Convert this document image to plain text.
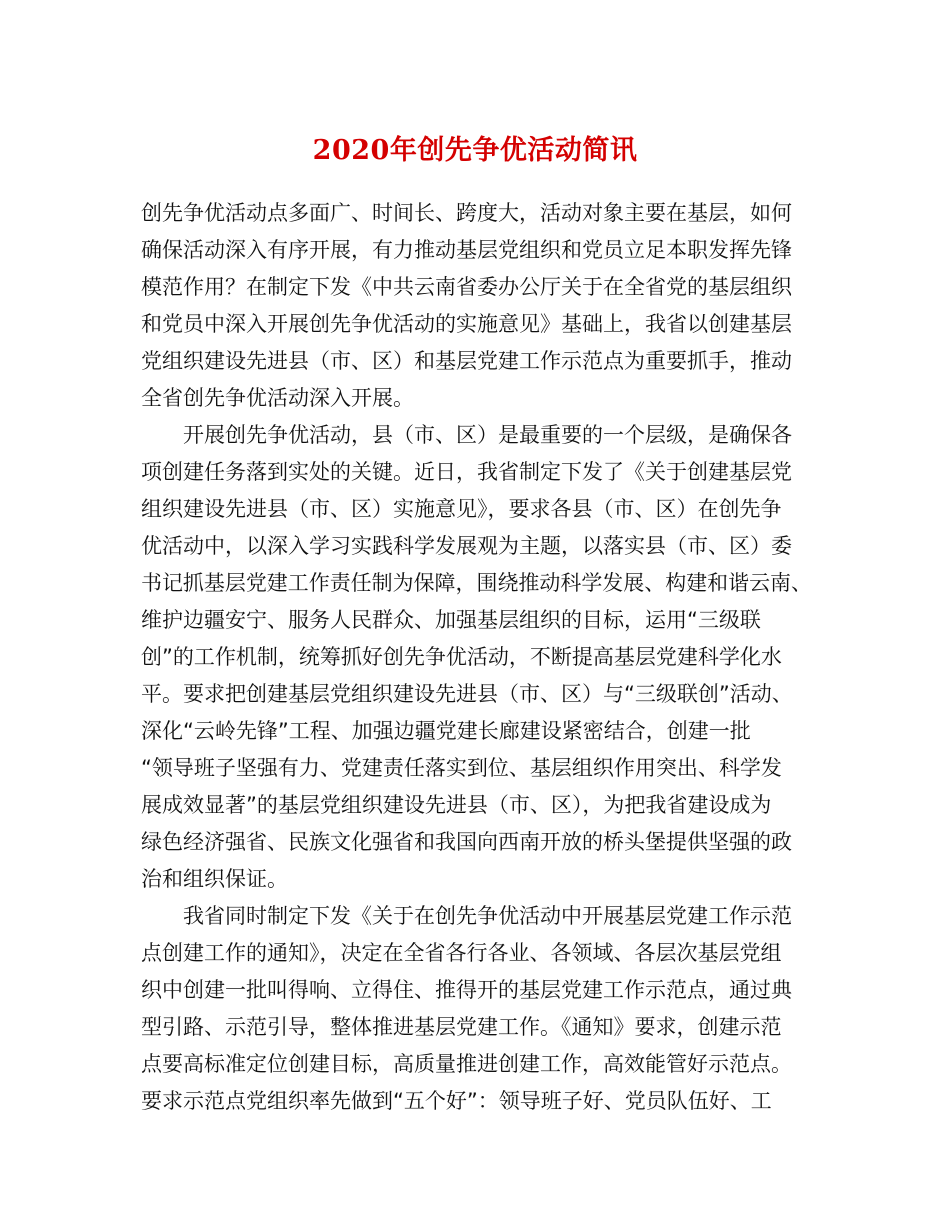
2020年创先争优活动简讯
创先争优活动点多面广、时间长、跨度大，活动对象主要在基层，如何
确保活动深入有序开展，有力推动基层党组织和党员立足本职发挥先锋
模范作用？在制定下发《中共云南省委办公厅关于在全省党的基层组织
和党员中深入开展创先争优活动的实施意见》基础上，我省以创建基层
党组织建设先进县（市、区）和基层党建工作示范点为重要抓手，推动
全省创先争优活动深入开展。
开展创先争优活动，县（市、区）是最重要的一个层级，是确保各
项创建任务落到实处的关键。近日，我省制定下发了《关于创建基层党
组织建设先进县（市、区）实施意见》，要求各县（市、区）在创先争
优活动中，以深入学习实践科学发展观为主题，以落实县（市、区）委
书记抓基层党建工作责任制为保障，围绕推动科学发展、构建和谐云南、
维护边疆安宁、服务人民群众、加强基层组织的目标，运用“三级联
创”的工作机制，统筹抓好创先争优活动，不断提高基层党建科学化水
平。要求把创建基层党组织建设先进县（市、区）与“三级联创”活动、
深化“云岭先锋”工程、加强边疆党建长廊建设紧密结合，创建一批
“领导班子坚强有力、党建责任落实到位、基层组织作用突出、科学发
展成效显著”的基层党组织建设先进县（市、区），为把我省建设成为
绿色经济强省、民族文化强省和我国向西南开放的桥头堡提供坚强的政
治和组织保证。
我省同时制定下发《关于在创先争优活动中开展基层党建工作示范
点创建工作的通知》，决定在全省各行各业、各领域、各层次基层党组
织中创建一批叫得响、立得住、推得开的基层党建工作示范点，通过典
型引路、示范引导，整体推进基层党建工作。《通知》要求，创建示范
点要高标准定位创建目标，高质量推进创建工作，高效能管好示范点。
要求示范点党组织率先做到“五个好”：领导班子好、党员队伍好、工
